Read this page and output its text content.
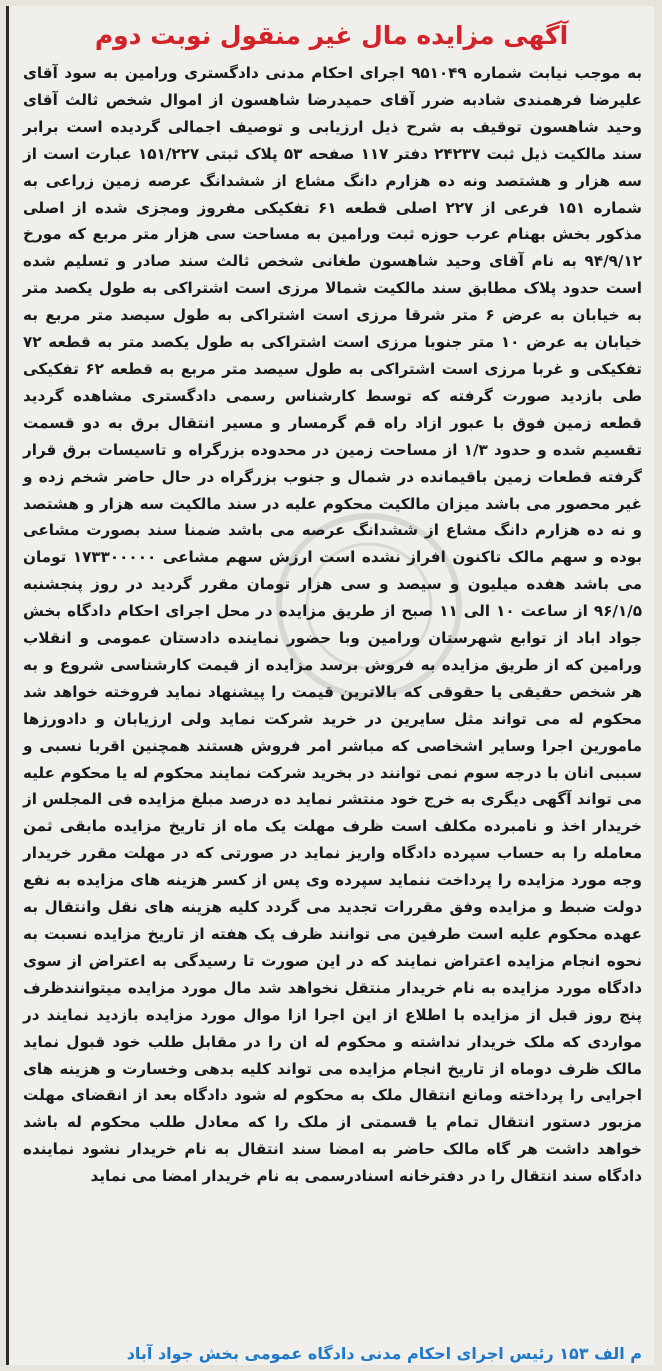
آگهی مزایده مال غیر منقول نوبت دوم

به موجب نیابت شماره ۹۵۱۰۴۹ اجرای احکام مدنی دادگستری ورامین به سود آقای علیرضا فرهمندی شادبه ضرر آقای حمیدرضا شاهسون از اموال شخص ثالث آقای وحید شاهسون توقیف به شرح ذیل ارزیابی و توصیف اجمالی گردیده است برابر سند مالکیت ذیل ثبت ۲۴۲۳۷ دفتر ۱۱۷ صفحه ۵۳ پلاک ثبتی ۱۵۱/۲۲۷ عبارت است از سه هزار و هشتصد ونه ده هزارم دانگ مشاع از ششدانگ عرصه زمین زراعی به شماره ۱۵۱ فرعی از ۲۲۷ اصلی قطعه ۶۱ تفکیکی مفروز ومجزی شده از اصلی مذکور بخش بهنام عرب حوزه ثبت ورامین به مساحت سی هزار متر مربع که مورخ ۹۴/۹/۱۲ به نام آقای وحید شاهسون طغانی شخص ثالث سند صادر و تسلیم شده است حدود پلاک مطابق سند مالکیت شمالا مرزی است اشتراکی به طول یکصد متر به خیابان به عرض ۶ متر شرقا مرزی است اشتراکی به طول سیصد متر مربع به خیابان به عرض ۱۰ متر جنوبا مرزی است اشتراکی به طول یکصد متر به قطعه ۷۲ تفکیکی و غربا مرزی است اشتراکی به طول سیصد متر مربع به قطعه ۶۲ تفکیکی طی بازدید صورت گرفته که توسط کارشناس رسمی دادگستری مشاهده گردید قطعه زمین فوق با عبور ازاد راه قم گرمسار و مسیر انتقال برق به دو قسمت تقسیم شده و حدود ۱/۳ از مساحت زمین در محدوده بزرگراه و تاسیسات برق قرار گرفته قطعات زمین باقیمانده در شمال و جنوب بزرگراه در حال حاضر شخم زده و غیر محصور می باشد میزان مالکیت محکوم علیه در سند مالکیت سه هزار و هشتصد و نه ده هزارم دانگ مشاع از ششدانگ عرصه می باشد ضمنا سند بصورت مشاعی بوده و سهم مالک تاکنون افراز نشده است ارزش سهم مشاعی ۱۷۳۳۰۰۰۰۰ تومان می باشد هفده میلیون و سیصد و سی هزار تومان مقرر گردید در روز پنجشنبه ۹۶/۱/۵ از ساعت ۱۰ الی ۱۱ صبح از طریق مزایده در محل اجرای احکام دادگاه بخش جواد اباد از توابع شهرستان ورامین وبا حضور نماینده دادستان عمومی و انقلاب ورامین که از طریق مزایده به فروش برسد مزایده از قیمت کارشناسی شروع و به هر شخص حقیقی یا حقوقی که بالاترین قیمت را پیشنهاد نماید فروخته خواهد شد محکوم له می تواند مثل سایرین در خرید شرکت نماید ولی ارزیابان و دادورزها مامورین اجرا وسایر اشخاصی که مباشر امر فروش هستند همچنین اقربا نسبی و سببی انان با درجه سوم نمی توانند در بخرید شرکت نمایند محکوم له یا محکوم علیه می تواند آگهی دیگری به خرج خود منتشر نماید ده درصد مبلغ مزایده فی المجلس از خریدار اخذ و نامبرده مکلف است ظرف مهلت یک ماه از تاریخ مزایده مابقی ثمن معامله را به حساب سپرده دادگاه واریز نماید در صورتی که در مهلت مقرر خریدار وجه مورد مزایده را پرداخت ننماید سپرده وی پس از کسر هزینه های مزایده به نفع دولت ضبط و مزایده وفق مقررات تجدید می گردد کلیه هزینه های نقل وانتقال به عهده محکوم علیه است طرفین می توانند ظرف یک هفته از تاریخ مزایده نسبت به نحوه انجام مزایده اعتراض نمایند که در این صورت تا رسیدگی به اعتراض از سوی دادگاه مورد مزایده به نام خریدار منتقل نخواهد شد مال مورد مزایده میتوانندظرف پنج روز قبل از مزایده با اطلاع از این اجرا ازا موال مورد مزایده بازدید نمایند در مواردی که ملک خریدار نداشته و محکوم له ان را در مقابل طلب خود قبول نماید مالک ظرف دوماه از تاریخ انجام مزایده می تواند کلیه بدهی وخسارت و هزینه های اجرایی را پرداخته ومانع انتقال ملک به محکوم له شود دادگاه بعد از انقضای مهلت مزبور دستور انتقال تمام یا قسمتی از ملک را که معادل طلب محکوم له باشد خواهد داشت هر گاه مالک حاضر به امضا سند انتقال به نام خریدار نشود نماینده دادگاه سند انتقال را در دفترخانه اسنادرسمی به نام خریدار امضا می نماید

م الف ۱۵۳ رئیس اجرای احکام مدنی دادگاه عمومی بخش جواد آباد
